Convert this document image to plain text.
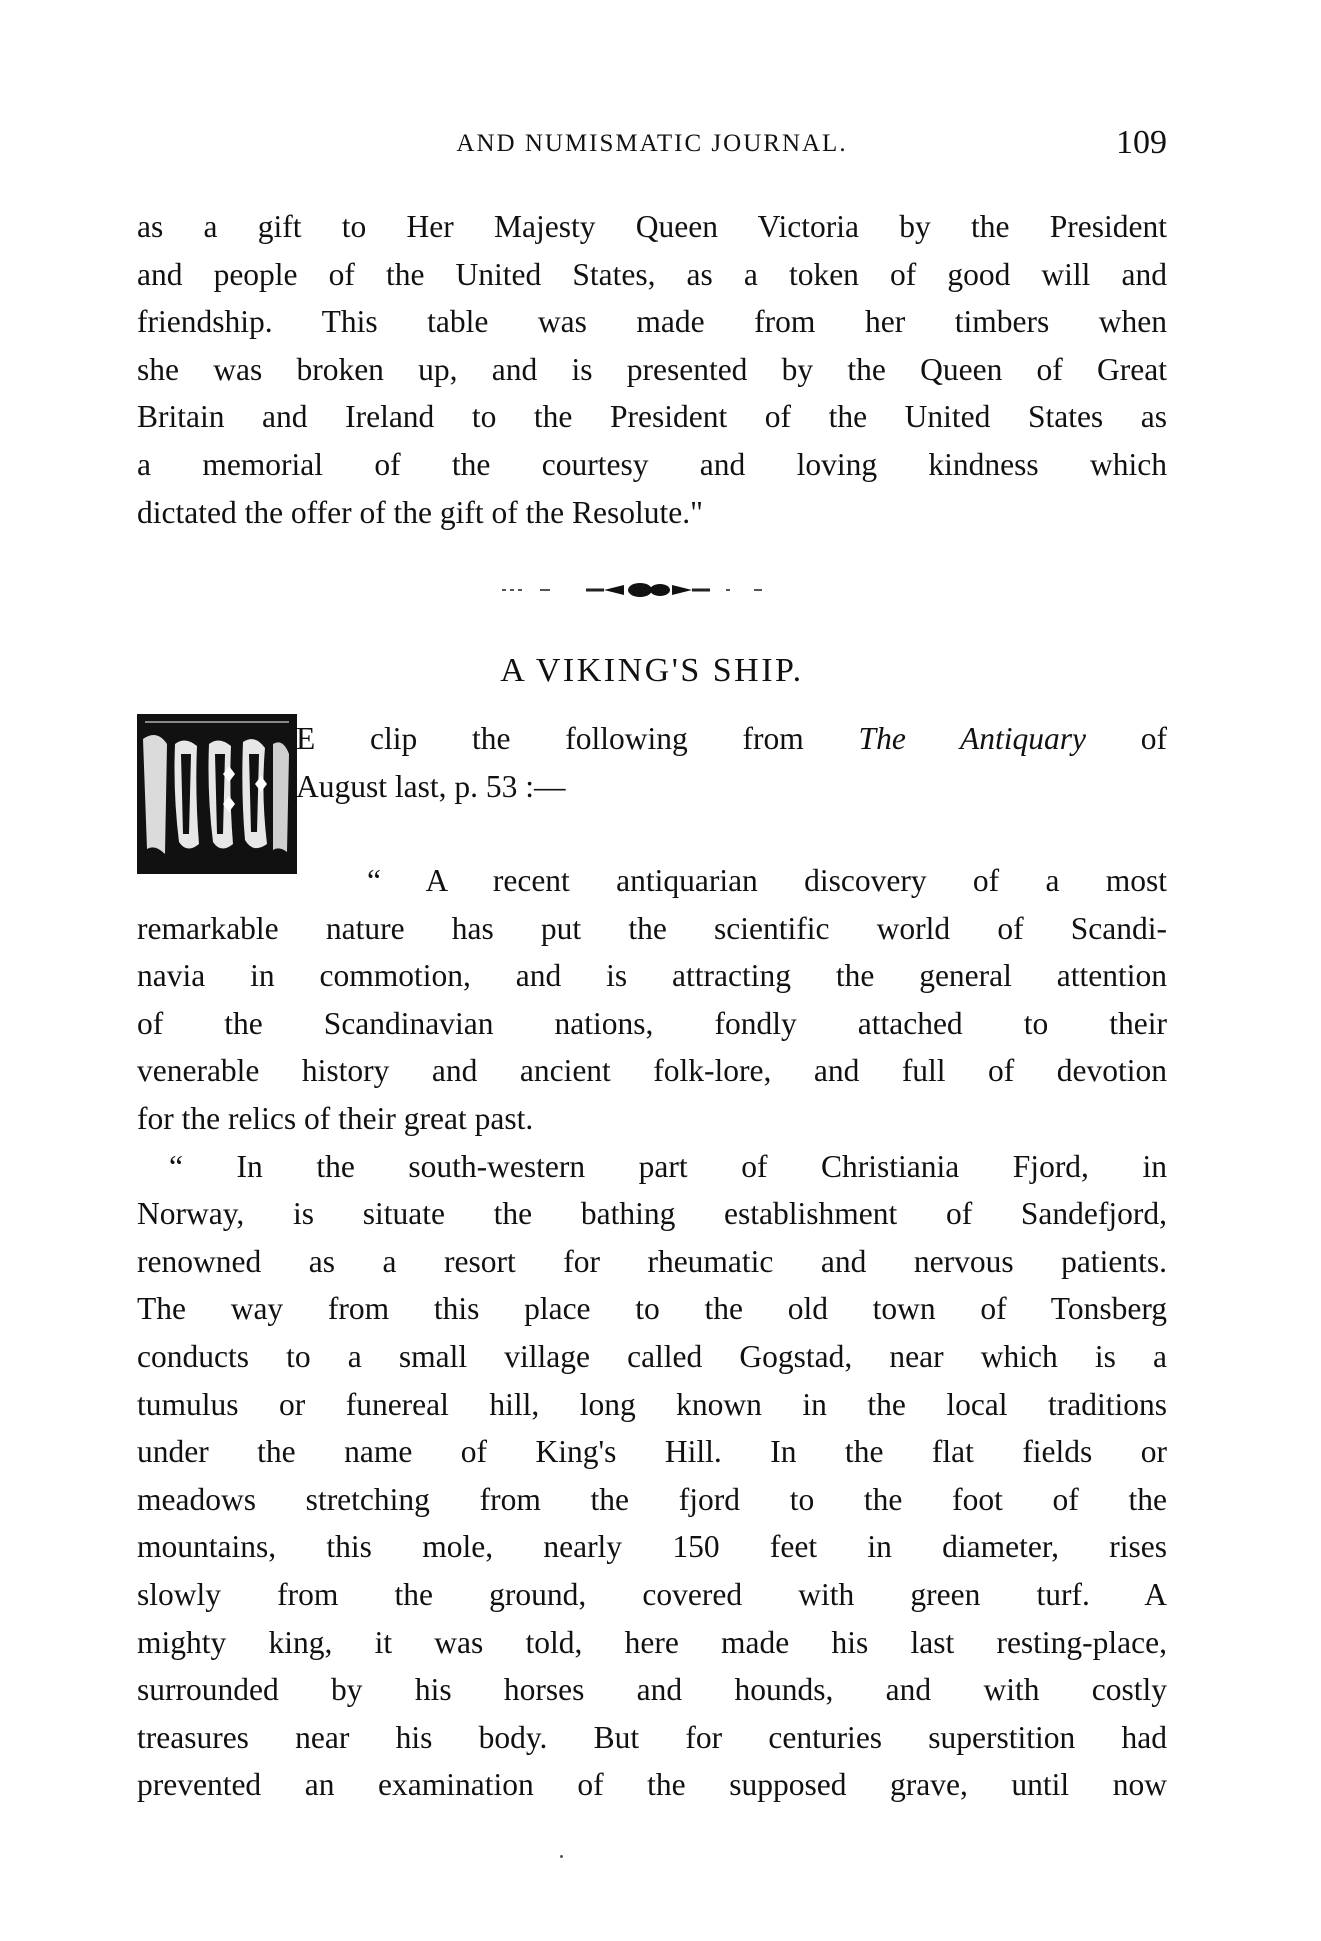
AND NUMISMATIC JOURNAL.	109
as a gift to Her Majesty Queen Victoria by the President
and people of the United States, as a token of good will and
friendship. This table was made from her timbers when
she was broken up, and is presented by the Queen of Great
Britain and Ireland to the President of the United States as
a memorial of the courtesy and loving kindness which
dictated the offer of the gift of the Resolute."
A VIKING'S SHIP.
E clip the following from The Antiquary of
August last, p. 53 :—
“ A recent antiquarian discovery of a most
remarkable nature has put the scientific world of Scandi-
navia in commotion, and is attracting the general attention
of the Scandinavian nations, fondly attached to their
venerable history and ancient folk-lore, and full of devotion
for the relics of their great past.
“ In the south-western part of Christiania Fjord, in
Norway, is situate the bathing establishment of Sandefjord,
renowned as a resort for rheumatic and nervous patients.
The way from this place to the old town of Tonsberg
conducts to a small village called Gogstad, near which is a
tumulus or funereal hill, long known in the local traditions
under the name of King's Hill. In the flat fields or
meadows stretching from the fjord to the foot of the
mountains, this mole, nearly 150 feet in diameter, rises
slowly from the ground, covered with green turf. A
mighty king, it was told, here made his last resting-place,
surrounded by his horses and hounds, and with costly
treasures near his body. But for centuries superstition had
prevented an examination of the supposed grave, until now
